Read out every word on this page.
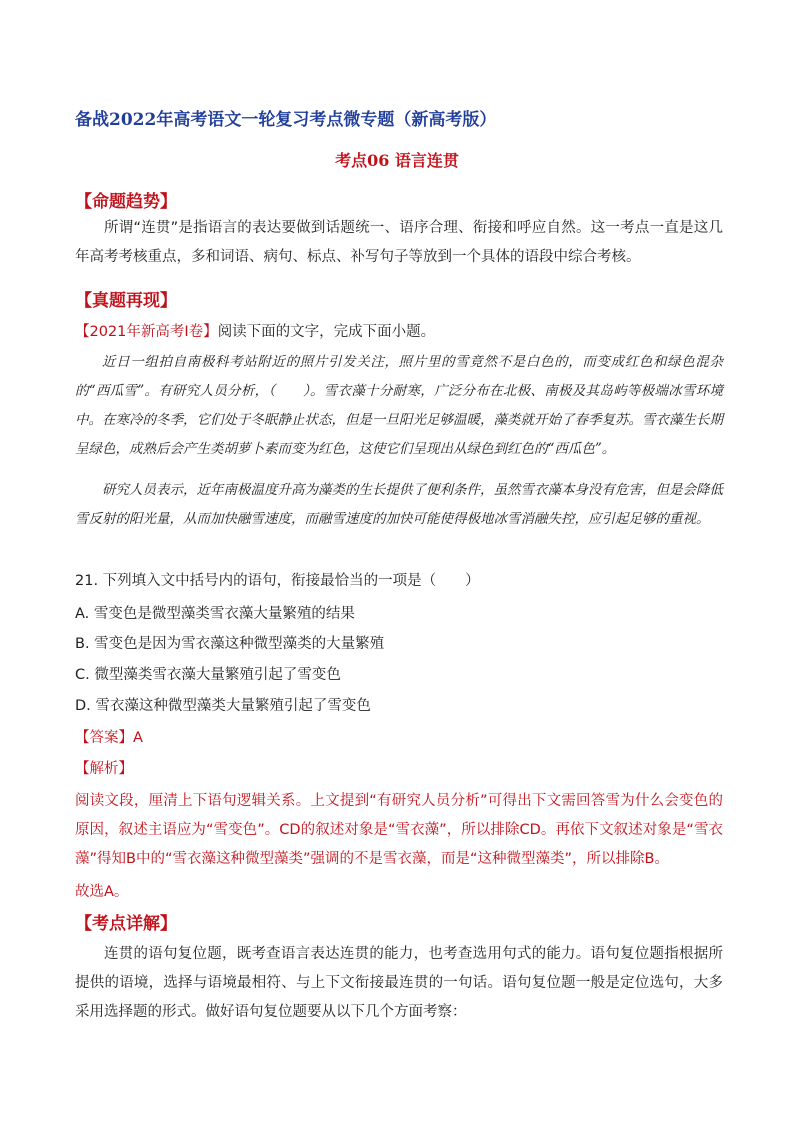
备战2022年高考语文一轮复习考点微专题（新高考版）
考点06 语言连贯
【命题趋势】
所谓“连贯”是指语言的表达要做到话题统一、语序合理、衔接和呼应自然。这一考点一直是这几年高考考核重点，多和词语、病句、标点、补写句子等放到一个具体的语段中综合考核。
【真题再现】
【2021年新高考Ⅰ卷】阅读下面的文字，完成下面小题。
近日一组拍自南极科考站附近的照片引发关注，照片里的雪竟然不是白色的，而变成红色和绿色混杂的“西瓜雪”。有研究人员分析，（　　）。雪衣藻十分耐寒，广泛分布在北极、南极及其岛屿等极端冰雪环境中。在寒冷的冬季，它们处于冬眠静止状态，但是一旦阳光足够温暖，藻类就开始了春季复苏。雪衣藻生长期呈绿色，成熟后会产生类胡萝卜素而变为红色，这使它们呈现出从绿色到红色的“西瓜色”。
研究人员表示，近年南极温度升高为藻类的生长提供了便利条件，虽然雪衣藻本身没有危害，但是会降低雪反射的阳光量，从而加快融雪速度，而融雪速度的加快可能使得极地冰雪消融失控，应引起足够的重视。
21. 下列填入文中括号内的语句，衔接最恰当的一项是（　　）
A. 雪变色是微型藻类雪衣藻大量繁殖的结果
B. 雪变色是因为雪衣藻这种微型藻类的大量繁殖
C. 微型藻类雪衣藻大量繁殖引起了雪变色
D. 雪衣藻这种微型藻类大量繁殖引起了雪变色
【答案】A
【解析】
阅读文段，厘清上下语句逻辑关系。上文提到“有研究人员分析”可得出下文需回答雪为什么会变色的原因，叙述主语应为“雪变色”。CD的叙述对象是“雪衣藻”，所以排除CD。再依下文叙述对象是“雪衣藻”得知B中的“雪衣藻这种微型藻类”强调的不是雪衣藻，而是“这种微型藻类”，所以排除B。
故选A。
【考点详解】
连贯的语句复位题，既考查语言表达连贯的能力，也考查选用句式的能力。语句复位题指根据所提供的语境，选择与语境最相符、与上下文衔接最连贯的一句话。语句复位题一般是定位选句，大多采用选择题的形式。做好语句复位题要从以下几个方面考察：
